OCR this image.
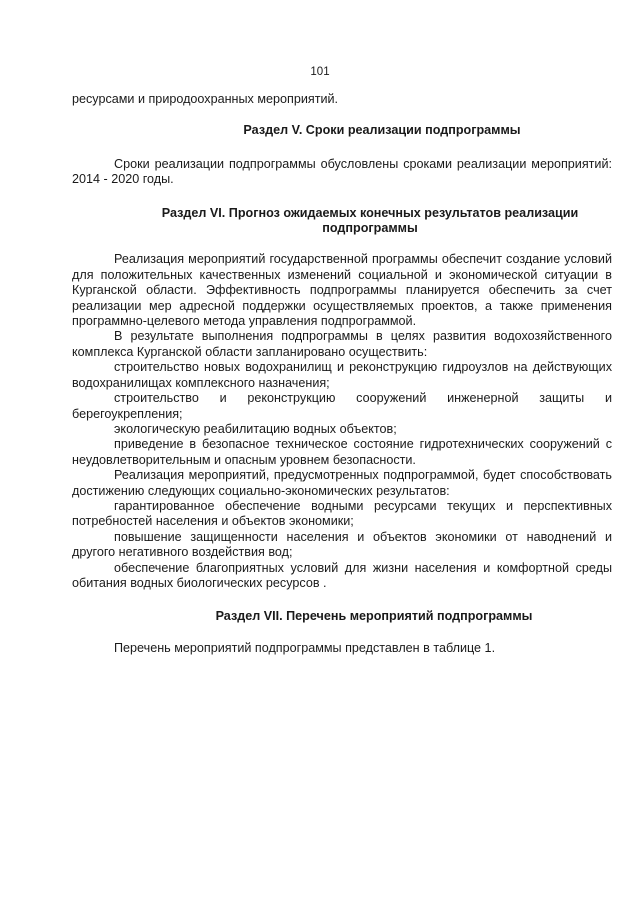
101

ресурсами и природоохранных мероприятий.

Раздел V. Сроки реализации подпрограммы

Сроки реализации подпрограммы обусловлены сроками реализации мероприятий: 2014 - 2020 годы.

Раздел VI. Прогноз ожидаемых конечных результатов реализации
подпрограммы

Реализация мероприятий государственной программы обеспечит создание условий для положительных качественных изменений социальной и экономической ситуации в Курганской области. Эффективность подпрограммы планируется обеспечить за счет реализации мер адресной поддержки осуществляемых проектов, а также применения программно-целевого метода управления подпрограммой.

В результате выполнения подпрограммы в целях развития водохозяйственного комплекса Курганской области запланировано осуществить:

строительство новых водохранилищ и реконструкцию гидроузлов на действующих водохранилищах комплексного назначения;

строительство и реконструкцию сооружений инженерной защиты и берегоукрепления;

экологическую реабилитацию водных объектов;

приведение в безопасное техническое состояние гидротехнических сооружений с неудовлетворительным и опасным уровнем безопасности.

Реализация мероприятий, предусмотренных подпрограммой, будет способствовать достижению следующих социально-экономических результатов:

гарантированное обеспечение водными ресурсами текущих и перспективных потребностей населения и объектов экономики;

повышение защищенности населения и объектов экономики от наводнений и другого негативного воздействия вод;

обеспечение благоприятных условий для жизни населения и комфортной среды обитания водных биологических ресурсов .

Раздел VII. Перечень мероприятий подпрограммы

Перечень мероприятий подпрограммы представлен в таблице 1.
